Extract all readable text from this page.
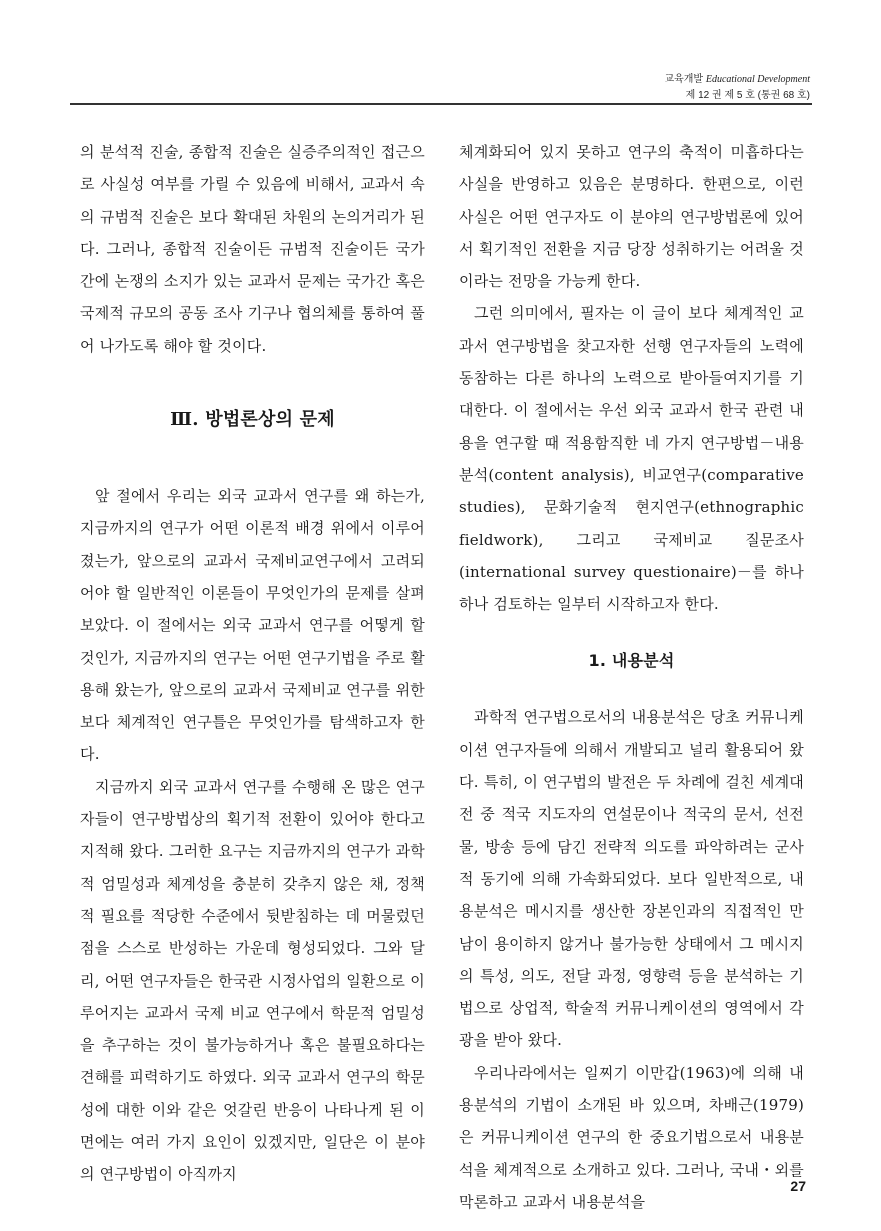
교육개발 Educational Development
제 12 권 제 5 호 (통권 68 호)

의 분석적 진술, 종합적 진술은 실증주의적인 접근으로 사실성 여부를 가릴 수 있음에 비해서, 교과서 속의 규범적 진술은 보다 확대된 차원의 논의거리가 된다. 그러나, 종합적 진술이든 규범적 진술이든 국가간에 논쟁의 소지가 있는 교과서 문제는 국가간 혹은 국제적 규모의 공동 조사 기구나 협의체를 통하여 풀어 나가도록 해야 할 것이다.

Ⅲ. 방법론상의 문제

앞 절에서 우리는 외국 교과서 연구를 왜 하는가, 지금까지의 연구가 어떤 이론적 배경 위에서 이루어졌는가, 앞으로의 교과서 국제비교연구에서 고려되어야 할 일반적인 이론들이 무엇인가의 문제를 살펴 보았다. 이 절에서는 외국 교과서 연구를 어떻게 할 것인가, 지금까지의 연구는 어떤 연구기법을 주로 활용해 왔는가, 앞으로의 교과서 국제비교 연구를 위한 보다 체계적인 연구틀은 무엇인가를 탐색하고자 한다.

지금까지 외국 교과서 연구를 수행해 온 많은 연구자들이 연구방법상의 획기적 전환이 있어야 한다고 지적해 왔다. 그러한 요구는 지금까지의 연구가 과학적 엄밀성과 체계성을 충분히 갖추지 않은 채, 정책적 필요를 적당한 수준에서 뒷받침하는 데 머물렀던 점을 스스로 반성하는 가운데 형성되었다. 그와 달리, 어떤 연구자들은 한국관 시정사업의 일환으로 이루어지는 교과서 국제 비교 연구에서 학문적 엄밀성을 추구하는 것이 불가능하거나 혹은 불필요하다는 견해를 피력하기도 하였다. 외국 교과서 연구의 학문성에 대한 이와 같은 엇갈린 반응이 나타나게 된 이면에는 여러 가지 요인이 있겠지만, 일단은 이 분야의 연구방법이 아직까지

체계화되어 있지 못하고 연구의 축적이 미흡하다는 사실을 반영하고 있음은 분명하다. 한편으로, 이런 사실은 어떤 연구자도 이 분야의 연구방법론에 있어서 획기적인 전환을 지금 당장 성취하기는 어려울 것이라는 전망을 가능케 한다.

그런 의미에서, 필자는 이 글이 보다 체계적인 교과서 연구방법을 찾고자한 선행 연구자들의 노력에 동참하는 다른 하나의 노력으로 받아들여지기를 기대한다. 이 절에서는 우선 외국 교과서 한국 관련 내용을 연구할 때 적용함직한 네 가지 연구방법－내용분석(content analysis), 비교연구(comparative studies), 문화기술적 현지연구(ethnographic fieldwork), 그리고 국제비교 질문조사(international survey questionaire)－를 하나하나 검토하는 일부터 시작하고자 한다.

1. 내용분석

과학적 연구법으로서의 내용분석은 당초 커뮤니케이션 연구자들에 의해서 개발되고 널리 활용되어 왔다. 특히, 이 연구법의 발전은 두 차례에 걸친 세계대전 중 적국 지도자의 연설문이나 적국의 문서, 선전물, 방송 등에 담긴 전략적 의도를 파악하려는 군사적 동기에 의해 가속화되었다. 보다 일반적으로, 내용분석은 메시지를 생산한 장본인과의 직접적인 만남이 용이하지 않거나 불가능한 상태에서 그 메시지의 특성, 의도, 전달 과정, 영향력 등을 분석하는 기법으로 상업적, 학술적 커뮤니케이션의 영역에서 각광을 받아 왔다.

우리나라에서는 일찌기 이만갑(1963)에 의해 내용분석의 기법이 소개된 바 있으며, 차배근(1979)은 커뮤니케이션 연구의 한 중요기법으로서 내용분석을 체계적으로 소개하고 있다. 그러나, 국내・외를 막론하고 교과서 내용분석을

27
